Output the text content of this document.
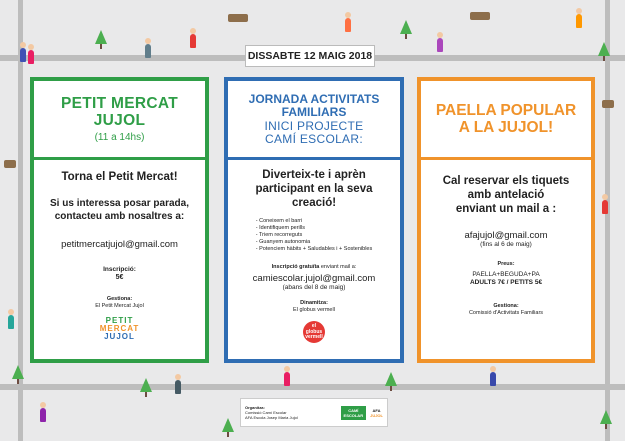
DISSABTE 12 MAIG 2018
PETIT MERCAT
JUJOL
(11 a 14hs)
Torna el Petit Mercat!
Si us interessa posar parada,
contacteu amb nosaltres a:
petitmercatjujol@gmail.com
Inscripció:
5€
Gestiona:
El Petit Mercat Jujol
PETIT
MERCAT
JUJOL
JORNADA ACTIVITATS
FAMILIARS
INICI PROJECTE
CAMÍ ESCOLAR:
Diverteix-te i aprèn
participant en la seva creació!
- Coneixem el barri
- Identifiquem perills
- Triem recorreguts
- Guanyem autonomia
- Potenciem hàbits + Saludables i + Sostenibles
Inscripció gratuïta enviant mail a:
camiescolar.jujol@gmail.com
(abans del 8 de maig)
Dinamitza:
El globus vermell
el
globus
vermell
PAELLA POPULAR
A LA JUJOL!
Cal reservar els tiquets
amb antelació
enviant un mail a :
afajujol@gmail.com
(fins al 6 de maig)
Preus:
PAELLA+BEGUDA+PA
ADULTS 7€ / PETITS 5€
Gestiona:
Comissió d'Activitats Familiars
Organitza:
Comissió Camí Escolar
AFA Escola Josep Maria Jujol
CAMÍ
ESCOLAR
AFA
JUJOL
